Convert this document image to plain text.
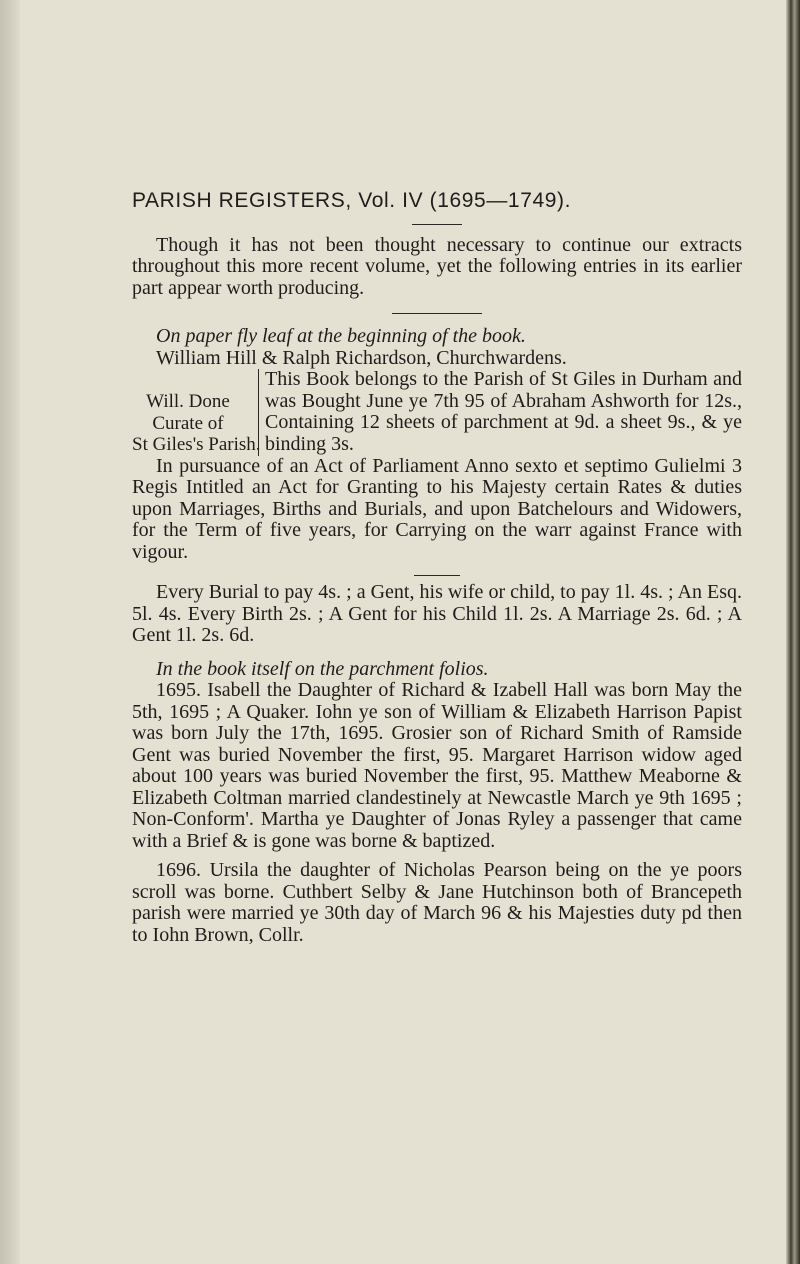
PARISH REGISTERS, Vol. IV (1695—1749).

Though it has not been thought necessary to continue our extracts throughout this more recent volume, yet the following entries in its earlier part appear worth producing.

On paper fly leaf at the beginning of the book.

William Hill & Ralph Richardson, Churchwardens.

Will. Done
Curate of
St Giles's Parish.
This Book belongs to the Parish of St Giles in Durham and was Bought June ye 7th 95 of Abraham Ashworth for 12s., Containing 12 sheets of parchment at 9d. a sheet 9s., & ye binding 3s.

In pursuance of an Act of Parliament Anno sexto et septimo Gulielmi 3 Regis Intitled an Act for Granting to his Majesty certain Rates & duties upon Marriages, Births and Burials, and upon Batchelours and Widowers, for the Term of five years, for Carrying on the warr against France with vigour.

Every Burial to pay 4s. ; a Gent, his wife or child, to pay 1l. 4s. ; An Esq. 5l. 4s. Every Birth 2s. ; A Gent for his Child 1l. 2s. A Marriage 2s. 6d. ; A Gent 1l. 2s. 6d.

In the book itself on the parchment folios.

1695. Isabell the Daughter of Richard & Izabell Hall was born May the 5th, 1695 ; A Quaker. Iohn ye son of William & Elizabeth Harrison Papist was born July the 17th, 1695. Grosier son of Richard Smith of Ramside Gent was buried November the first, 95. Margaret Harrison widow aged about 100 years was buried November the first, 95. Matthew Meaborne & Elizabeth Coltman married clandestinely at Newcastle March ye 9th 1695 ; Non-Conform'. Martha ye Daughter of Jonas Ryley a passenger that came with a Brief & is gone was borne & baptized.

1696. Ursila the daughter of Nicholas Pearson being on the ye poors scroll was borne. Cuthbert Selby & Jane Hutchinson both of Brancepeth parish were married ye 30th day of March 96 & his Majesties duty pd then to Iohn Brown, Collr.
